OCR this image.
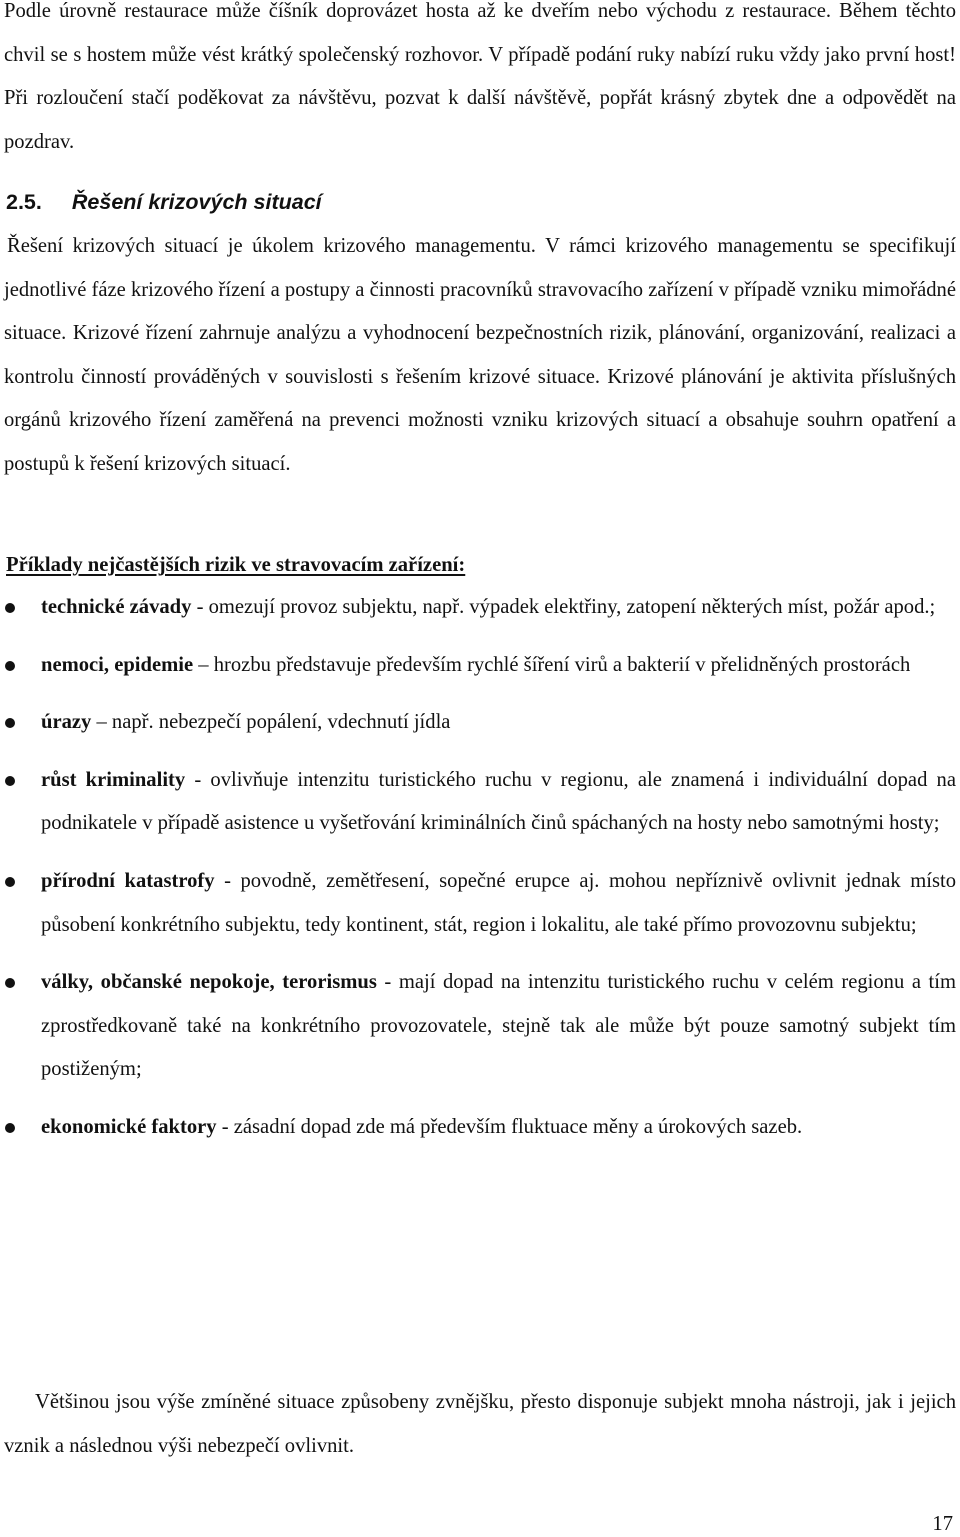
Podle úrovně restaurace může číšník doprovázet hosta až ke dveřím nebo východu z restaurace. Během těchto chvil se s hostem může vést krátký společenský rozhovor. V případě podání ruky nabízí ruku vždy jako první host! Při rozloučení stačí poděkovat za návštěvu, pozvat k další návštěvě, popřát krásný zbytek dne a odpovědět na pozdrav.

2.5. Řešení krizových situací

Řešení krizových situací je úkolem krizového managementu. V rámci krizového managementu se specifikují jednotlivé fáze krizového řízení a postupy a činnosti pracovníků stravovacího zařízení v případě vzniku mimořádné situace. Krizové řízení zahrnuje analýzu a vyhodnocení bezpečnostních rizik, plánování, organizování, realizaci a kontrolu činností prováděných v souvislosti s řešením krizové situace. Krizové plánování je aktivita příslušných orgánů krizového řízení zaměřená na prevenci možnosti vzniku krizových situací a obsahuje souhrn opatření a postupů k řešení krizových situací.

Příklady nejčastějších rizik ve stravovacím zařízení:

technické závady - omezují provoz subjektu, např. výpadek elektřiny, zatopení některých míst, požár apod.;
nemoci, epidemie – hrozbu představuje především rychlé šíření virů a bakterií v přelidněných prostorách
úrazy – např. nebezpečí popálení, vdechnutí jídla
růst kriminality - ovlivňuje intenzitu turistického ruchu v regionu, ale znamená i individuální dopad na podnikatele v případě asistence u vyšetřování kriminálních činů spáchaných na hosty nebo samotnými hosty;
přírodní katastrofy - povodně, zemětřesení, sopečné erupce aj. mohou nepříznivě ovlivnit jednak místo působení konkrétního subjektu, tedy kontinent, stát, region i lokalitu, ale také přímo provozovnu subjektu;
války, občanské nepokoje, terorismus - mají dopad na intenzitu turistického ruchu v celém regionu a tím zprostředkovaně také na konkrétního provozovatele, stejně tak ale může být pouze samotný subjekt tím postiženým;
ekonomické faktory - zásadní dopad zde má především fluktuace měny a úrokových sazeb.

Většinou jsou výše zmíněné situace způsobeny zvnějšku, přesto disponuje subjekt mnoha nástroji, jak i jejich vznik a následnou výši nebezpečí ovlivnit.

17
